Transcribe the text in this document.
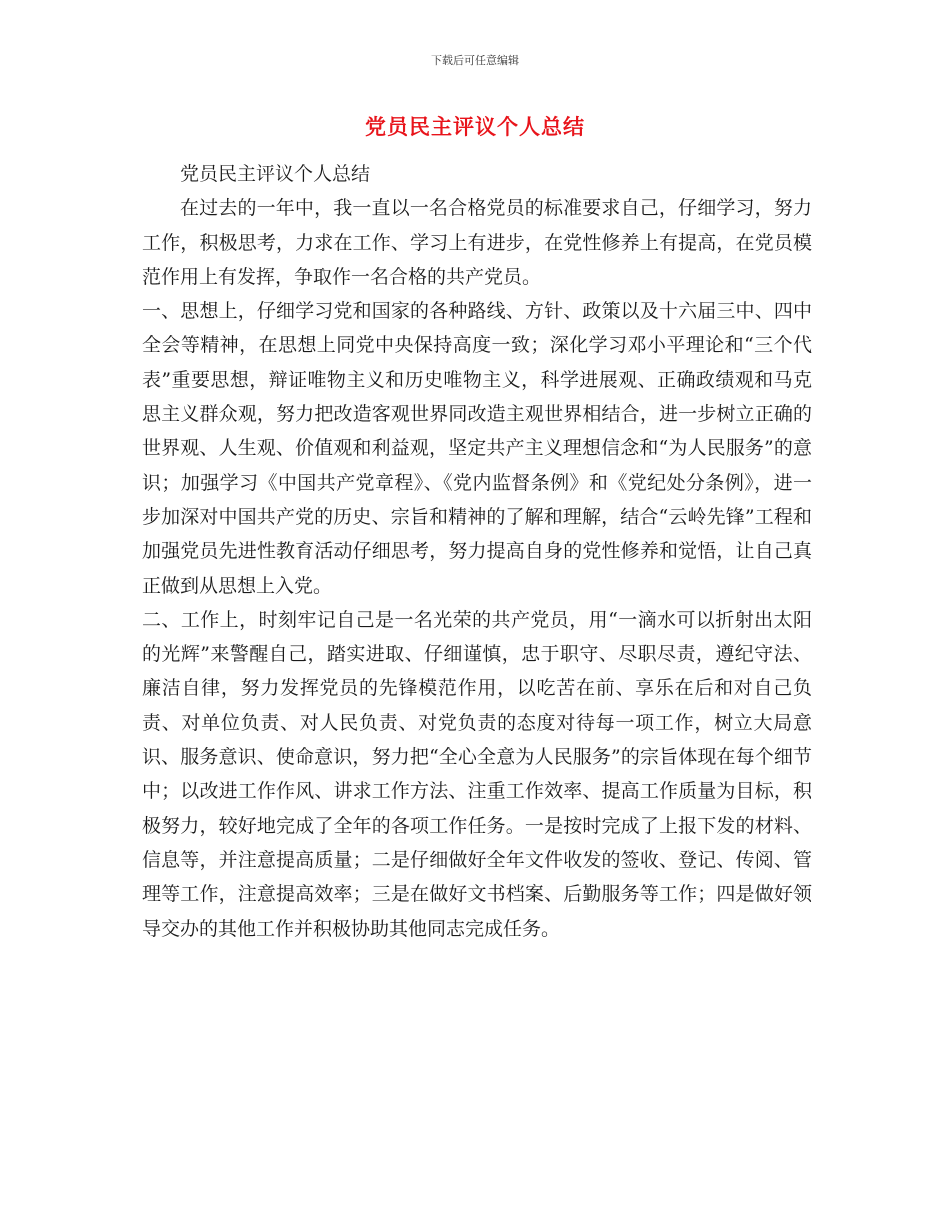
下载后可任意编辑
党员民主评议个人总结

党员民主评议个人总结

在过去的一年中，我一直以一名合格党员的标准要求自己，仔细学习，努力工作，积极思考，力求在工作、学习上有进步，在党性修养上有提高，在党员模范作用上有发挥，争取作一名合格的共产党员。

一、思想上，仔细学习党和国家的各种路线、方针、政策以及十六届三中、四中全会等精神，在思想上同党中央保持高度一致；深化学习邓小平理论和“三个代表”重要思想，辩证唯物主义和历史唯物主义，科学进展观、正确政绩观和马克思主义群众观，努力把改造客观世界同改造主观世界相结合，进一步树立正确的世界观、人生观、价值观和利益观，坚定共产主义理想信念和“为人民服务”的意识；加强学习《中国共产党章程》、《党内监督条例》和《党纪处分条例》，进一步加深对中国共产党的历史、宗旨和精神的了解和理解，结合“云岭先锋”工程和加强党员先进性教育活动仔细思考，努力提高自身的党性修养和觉悟，让自己真正做到从思想上入党。

二、工作上，时刻牢记自己是一名光荣的共产党员，用“一滴水可以折射出太阳的光辉”来警醒自己，踏实进取、仔细谨慎，忠于职守、尽职尽责，遵纪守法、廉洁自律，努力发挥党员的先锋模范作用，以吃苦在前、享乐在后和对自己负责、对单位负责、对人民负责、对党负责的态度对待每一项工作，树立大局意识、服务意识、使命意识，努力把“全心全意为人民服务”的宗旨体现在每个细节中；以改进工作作风、讲求工作方法、注重工作效率、提高工作质量为目标，积极努力，较好地完成了全年的各项工作任务。一是按时完成了上报下发的材料、信息等，并注意提高质量；二是仔细做好全年文件收发的签收、登记、传阅、管理等工作，注意提高效率；三是在做好文书档案、后勤服务等工作；四是做好领导交办的其他工作并积极协助其他同志完成任务。
